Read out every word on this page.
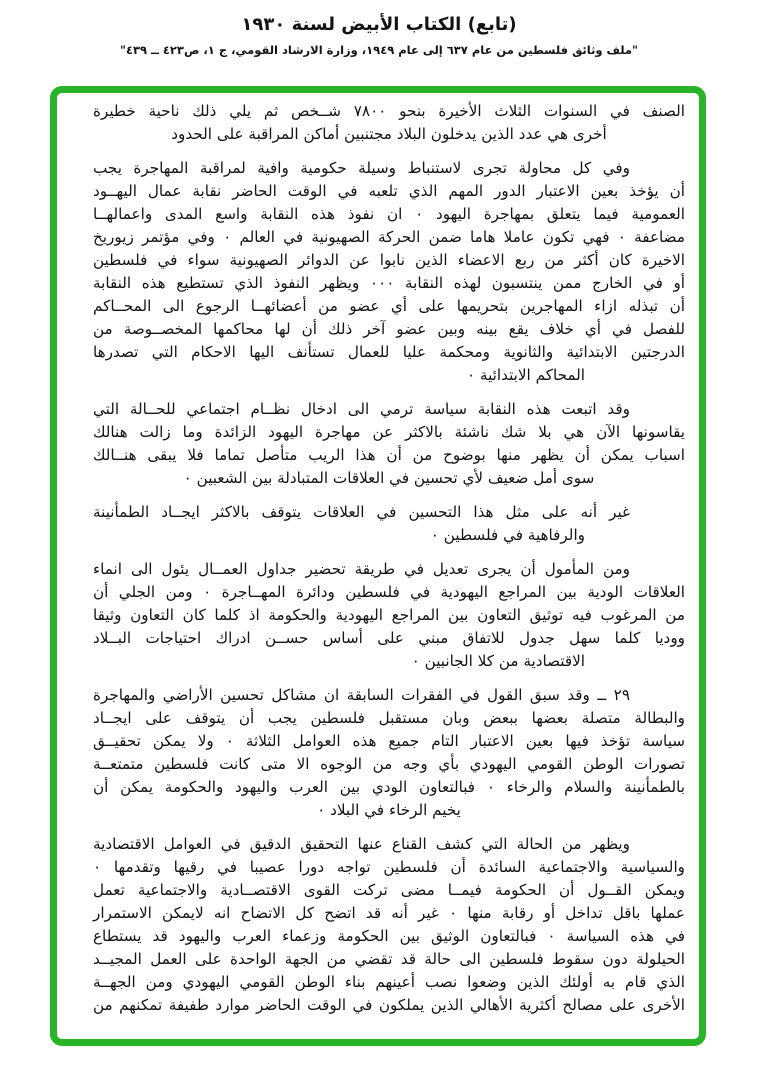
(تابع) الكتاب الأبيض لسنة ١٩٣٠
"ملف وثائق فلسطين من عام ٦٣٧ إلى عام ١٩٤٩، وزارة الارشاد القومي، ج ١، ص٤٢٣ ــ ٤٣٩"
الصنف في السنوات الثلاث الأخيرة بنحو ٧٨٠٠ شــخص ثم يلي ذلك ناحية خطيرة
أخرى هي عدد الذين يدخلون البلاد مجتنبين أماكن المراقبة على الحدود
وفي كل محاولة تجرى لاستنباط وسيلة حكومية وافية لمراقبة المهاجرة يجب
أن يؤخذ بعين الاعتبار الدور المهم الذي تلعبه في الوقت الحاضر نقابة عمال اليهــود
العمومية فيما يتعلق بمهاجرة اليهود ٠ ان نفوذ هذه النقابة واسع المدى واعمالهــا
مضاعفة ٠ فهي تكون عاملا هاما ضمن الحركة الصهيونية في العالم ٠ وفي مؤتمر زيوريخ
الاخيرة كان أكثر من ربع الاعضاء الذين نابوا عن الدوائر الصهيونية سواء في فلسطين
أو في الخارج ممن ينتسبون لهذه النقابة ٠٠٠ ويظهر النفوذ الذي تستطيع هذه النقابة
أن تبذله ازاء المهاجرين بتحريمها على أي عضو من أعضائهــا الرجوع الى المحــاكم
للفصل في أي خلاف يقع بينه وبين عضو آخر ذلك أن لها محاكمها المخصــوصة من
الدرجتين الابتدائية والثانوية ومحكمة عليا للعمال تستأنف اليها الاحكام التي تصدرها
المحاكم الابتدائية ٠
وقد اتبعت هذه النقابة سياسة ترمي الى ادخال نظــام اجتماعي للحــالة التي
يقاسونها الآن هي بلا شك ناشئة بالاكثر عن مهاجرة اليهود الزائدة وما زالت هنالك
اسباب يمكن أن يظهر منها بوضوح من أن هذا الريب متأصل تماما فلا يبقى هنــالك
سوى أمل ضعيف لأي تحسين في العلاقات المتبادلة بين الشعبين ٠
غير أنه على مثل هذا التحسين في العلاقات يتوقف بالاكثر ايجــاد الطمأنينة
والرفاهية في فلسطين ٠
ومن المأمول أن يجرى تعديل في طريقة تحضير جداول العمــال يئول الى انماء
العلاقات الودية بين المراجع اليهودية في فلسطين ودائرة المهــاجرة ٠ ومن الجلي أن
من المرغوب فيه توثيق التعاون بين المراجع اليهودية والحكومة اذ كلما كان التعاون وثيقا
ووديا كلما سهل جدول للاتفاق مبني على أساس حســن ادراك احتياجات البــلاد
الاقتصادية من كلا الجانبين ٠
٢٩ ــ وقد سبق القول في الفقرات السابقة ان مشاكل تحسين الأراضي والمهاجرة
والبطالة متصلة بعضها ببعض وبان مستقبل فلسطين يجب أن يتوقف على ايجــاد
سياسة تؤخذ فيها بعين الاعتبار التام جميع هذه العوامل الثلاثة ٠ ولا يمكن تحقيــق
تصورات الوطن القومي اليهودي بأي وجه من الوجوه الا متى كانت فلسطين متمتعــة
بالطمأنينة والسلام والرخاء ٠ فبالتعاون الودي بين العرب واليهود والحكومة يمكن أن
يخيم الرخاء في البلاد ٠
ويظهر من الحالة التي كشف القناع عنها التحقيق الدقيق في العوامل الاقتصادية
والسياسية والاجتماعية السائدة أن فلسطين تواجه دورا عصيبا في رقيها وتقدمها ٠
ويمكن القــول أن الحكومة فيمــا مضى تركت القوى الاقتصــادية والاجتماعية تعمل
عملها باقل تداخل أو رقابة منها ٠ غير أنه قد اتضح كل الاتضاح انه لايمكن الاستمرار
في هذه السياسة ٠ فبالتعاون الوثيق بين الحكومة وزعماء العرب واليهود قد يستطاع
الحيلولة دون سقوط فلسطين الى حالة قد تقضي من الجهة الواحدة على العمل المجيــد
الذي قام به أولئك الذين وضعوا نصب أعينهم بناء الوطن القومي اليهودي ومن الجهــة
الأخرى على مصالح أكثرية الأهالي الذين يملكون في الوقت الحاضر موارد طفيفة تمكنهم من
